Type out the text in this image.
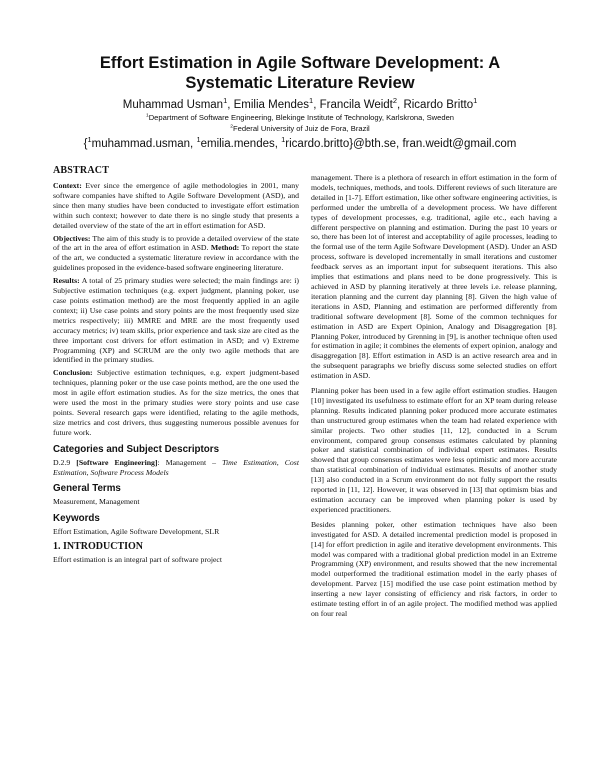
Effort Estimation in Agile Software Development: A
Systematic Literature Review
Muhammad Usman$^1$, Emilia Mendes$^1$, Francila Weidt$^2$, Ricardo Britto$^1$
$^1$Department of Software Engineering, Blekinge Institute of Technology, Karlskrona, Sweden
$^2$Federal University of Juiz de Fora, Brazil
{$^1$muhammad.usman, $^1$emilia.mendes, $^1$ricardo.britto}@bth.se, fran.weidt@gmail.com
ABSTRACT

Context: Ever since the emergence of agile methodologies in 2001, many software companies have shifted to Agile Software Development (ASD), and since then many studies have been conducted to investigate effort estimation within such context; however to date there is no single study that presents a detailed overview of the state of the art in effort estimation for ASD.

Objectives: The aim of this study is to provide a detailed overview of the state of the art in the area of effort estimation in ASD. Method: To report the state of the art, we conducted a systematic literature review in accordance with the guidelines proposed in the evidence-based software engineering literature.

Results: A total of 25 primary studies were selected; the main findings are: i) Subjective estimation techniques (e.g. expert judgment, planning poker, use case points estimation method) are the most frequently applied in an agile context; ii) Use case points and story points are the most frequently used size metrics respectively; iii) MMRE and MRE are the most frequently used accuracy metrics; iv) team skills, prior experience and task size are cited as the three important cost drivers for effort estimation in ASD; and v) Extreme Programming (XP) and SCRUM are the only two agile methods that are identified in the primary studies.

Conclusion: Subjective estimation techniques, e.g. expert judgment-based techniques, planning poker or the use case points method, are the one used the most in agile effort estimation studies. As for the size metrics, the ones that were used the most in the primary studies were story points and use case points. Several research gaps were identified, relating to the agile methods, size metrics and cost drivers, thus suggesting numerous possible avenues for future work.

Categories and Subject Descriptors

D.2.9 [Software Engineering]: Management – Time Estimation, Cost Estimation, Software Process Models

General Terms

Measurement, Management

Keywords

Effort Estimation, Agile Software Development, SLR

1. INTRODUCTION

Effort estimation is an integral part of software project

management. There is a plethora of research in effort estimation in the form of models, techniques, methods, and tools. Different reviews of such literature are detailed in [1-7]. Effort estimation, like other software engineering activities, is performed under the umbrella of a development process. We have different types of development processes, e.g. traditional, agile etc., each having a different perspective on planning and estimation. During the past 10 years or so, there has been lot of interest and acceptability of agile processes, leading to the formal use of the term Agile Software Development (ASD). Under an ASD process, software is developed incrementally in small iterations and customer feedback serves as an important input for subsequent iterations. This also implies that estimations and plans need to be done progressively. This is achieved in ASD by planning iteratively at three levels i.e. release planning, iteration planning and the current day planning [8]. Given the high value of iterations in ASD, Planning and estimation are performed differently from traditional software development [8]. Some of the common techniques for estimation in ASD are Expert Opinion, Analogy and Disaggregation [8]. Planning Poker, introduced by Grenning in [9], is another technique often used for estimation in agile; it combines the elements of expert opinion, analogy and disaggregation [8]. Effort estimation in ASD is an active research area and in the subsequent paragraphs we briefly discuss some selected studies on effort estimation in ASD.

Planning poker has been used in a few agile effort estimation studies. Haugen [10] investigated its usefulness to estimate effort for an XP team during release planning. Results indicated planning poker produced more accurate estimates than unstructured group estimates when the team had related experience with similar projects. Two other studies [11, 12], conducted in a Scrum environment, compared group consensus estimates calculated by planning poker and statistical combination of individual expert estimates. Results showed that group consensus estimates were less optimistic and more accurate than statistical combination of individual estimates. Results of another study [13] also conducted in a Scrum environment do not fully support the results reported in [11, 12]. However, it was observed in [13] that optimism bias and estimation accuracy can be improved when planning poker is used by experienced practitioners.

Besides planning poker, other estimation techniques have also been investigated for ASD. A detailed incremental prediction model is proposed in [14] for effort prediction in agile and iterative development environments. This model was compared with a traditional global prediction model in an Extreme Programming (XP) environment, and results showed that the new incremental model outperformed the traditional estimation model in the early phases of development. Parvez [15] modified the use case point estimation method by inserting a new layer consisting of efficiency and risk factors, in order to estimate testing effort in of an agile project. The modified method was applied on four real
